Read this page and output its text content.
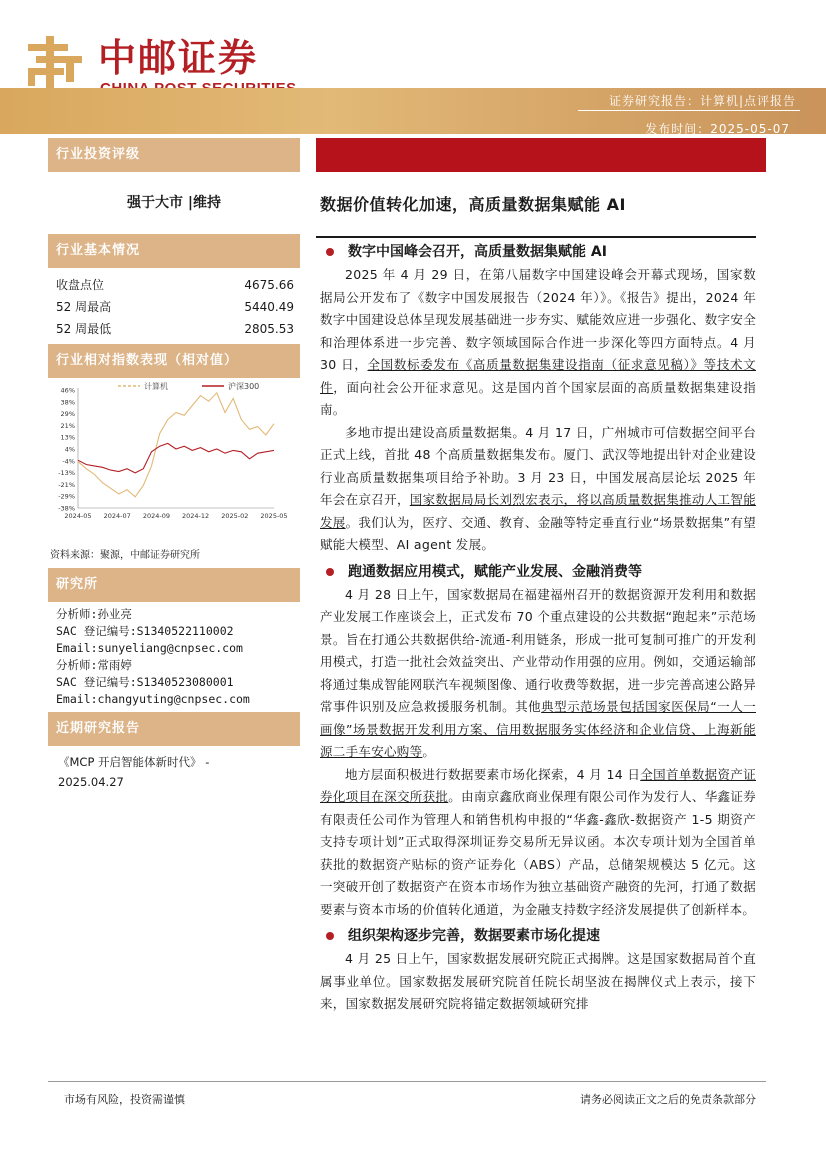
中邮证券
证券研究报告：计算机|点评报告
发布时间：2025-05-07
行业投资评级
强于大市 |维持
行业基本情况
收盘点位	4675.66
52 周最高	5440.49
52 周最低	2805.53
行业相对指数表现（相对值）
计算机	沪深300
46%
38%
29%
21%
13%
4%
-4%
-13%
-21%
-29%
-38%
2024-05 2024-07 2024-09 2024-12 2025-02 2025-05
资料来源：聚源，中邮证券研究所
研究所
分析师:孙业亮
SAC 登记编号:S1340522110002
Email:sunyeliang@cnpsec.com
分析师:常雨婷
SAC 登记编号:S1340523080001
Email:changyuting@cnpsec.com
近期研究报告
《MCP 开启智能体新时代》 -
2025.04.27
数据价值转化加速，高质量数据集赋能 AI
数字中国峰会召开，高质量数据集赋能 AI
2025 年 4 月 29 日，在第八届数字中国建设峰会开幕式现场，国家数据局公开发布了《数字中国发展报告（2024 年）》。《报告》提出，2024 年数字中国建设总体呈现发展基础进一步夯实、赋能效应进一步强化、数字安全和治理体系进一步完善、数字领域国际合作进一步深化等四方面特点。4 月 30 日，全国数标委发布《高质量数据集建设指南（征求意见稿）》等技术文件，面向社会公开征求意见。这是国内首个国家层面的高质量数据集建设指南。
多地市提出建设高质量数据集。4 月 17 日，广州城市可信数据空间平台正式上线，首批 48 个高质量数据集发布。厦门、武汉等地提出针对企业建设行业高质量数据集项目给予补助。3 月 23 日，中国发展高层论坛 2025 年年会在京召开，国家数据局局长刘烈宏表示，将以高质量数据集推动人工智能发展。我们认为，医疗、交通、教育、金融等特定垂直行业“场景数据集”有望赋能大模型、AI agent 发展。
跑通数据应用模式，赋能产业发展、金融消费等
4 月 28 日上午，国家数据局在福建福州召开的数据资源开发利用和数据产业发展工作座谈会上，正式发布 70 个重点建设的公共数据“跑起来”示范场景。旨在打通公共数据供给-流通-利用链条，形成一批可复制可推广的开发利用模式，打造一批社会效益突出、产业带动作用强的应用。例如，交通运输部将通过集成智能网联汽车视频图像、通行收费等数据，进一步完善高速公路异常事件识别及应急救援服务机制。其他典型示范场景包括国家医保局“一人一画像”场景数据开发利用方案、信用数据服务实体经济和企业信贷、上海新能源二手车安心购等。
地方层面积极进行数据要素市场化探索，4 月 14 日全国首单数据资产证券化项目在深交所获批。由南京鑫欣商业保理有限公司作为发行人、华鑫证券有限责任公司作为管理人和销售机构申报的“华鑫-鑫欣-数据资产 1-5 期资产支持专项计划”正式取得深圳证券交易所无异议函。本次专项计划为全国首单获批的数据资产贴标的资产证券化（ABS）产品，总储架规模达 5 亿元。这一突破开创了数据资产在资本市场作为独立基础资产融资的先河，打通了数据要素与资本市场的价值转化通道，为金融支持数字经济发展提供了创新样本。
组织架构逐步完善，数据要素市场化提速
4 月 25 日上午，国家数据发展研究院正式揭牌。这是国家数据局首个直属事业单位。国家数据发展研究院首任院长胡坚波在揭牌仪式上表示，接下来，国家数据发展研究院将锚定数据领域研究排
市场有风险，投资需谨慎	请务必阅读正文之后的免责条款部分
